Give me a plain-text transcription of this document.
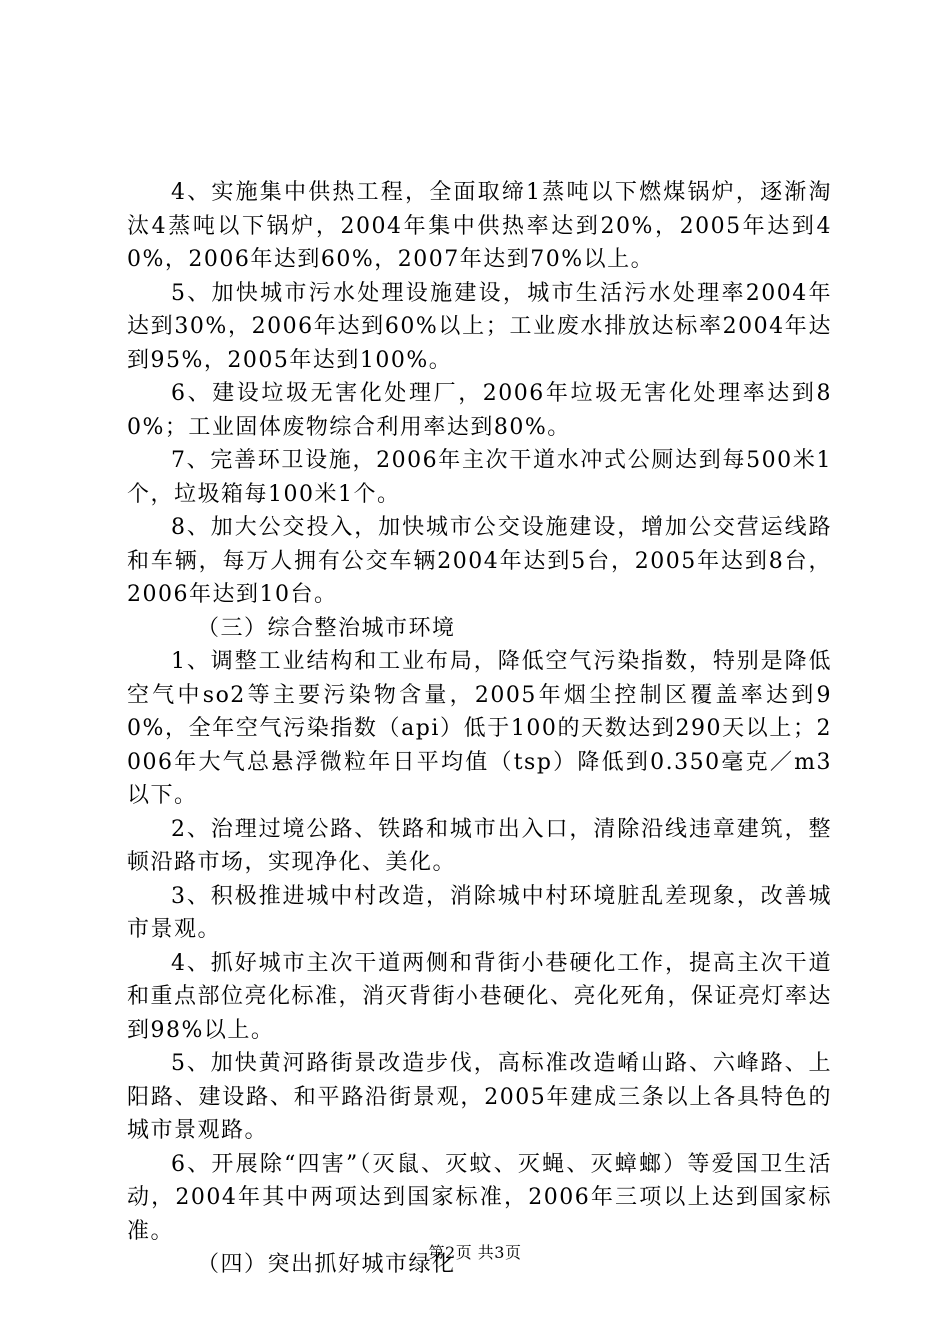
4、实施集中供热工程，全面取缔1蒸吨以下燃煤锅炉，逐渐淘汰4蒸吨以下锅炉，2004年集中供热率达到20%，2005年达到40%，2006年达到60%，2007年达到70%以上。

5、加快城市污水处理设施建设，城市生活污水处理率2004年达到30%，2006年达到60%以上；工业废水排放达标率2004年达到95%，2005年达到100%。

6、建设垃圾无害化处理厂，2006年垃圾无害化处理率达到80%；工业固体废物综合利用率达到80%。

7、完善环卫设施，2006年主次干道水冲式公厕达到每500米1个，垃圾箱每100米1个。

8、加大公交投入，加快城市公交设施建设，增加公交营运线路和车辆，每万人拥有公交车辆2004年达到5台，2005年达到8台，2006年达到10台。

（三）综合整治城市环境

1、调整工业结构和工业布局，降低空气污染指数，特别是降低空气中so2等主要污染物含量，2005年烟尘控制区覆盖率达到90%，全年空气污染指数（api）低于100的天数达到290天以上；2006年大气总悬浮微粒年日平均值（tsp）降低到0.350毫克／m3以下。

2、治理过境公路、铁路和城市出入口，清除沿线违章建筑，整顿沿路市场，实现净化、美化。

3、积极推进城中村改造，消除城中村环境脏乱差现象，改善城市景观。

4、抓好城市主次干道两侧和背街小巷硬化工作，提高主次干道和重点部位亮化标准，消灭背街小巷硬化、亮化死角，保证亮灯率达到98%以上。

5、加快黄河路街景改造步伐，高标准改造崤山路、六峰路、上阳路、建设路、和平路沿街景观，2005年建成三条以上各具特色的城市景观路。

6、开展除“四害”（灭鼠、灭蚊、灭蝇、灭蟑螂）等爱国卫生活动，2004年其中两项达到国家标准，2006年三项以上达到国家标准。

（四）突出抓好城市绿化

第2页 共3页
